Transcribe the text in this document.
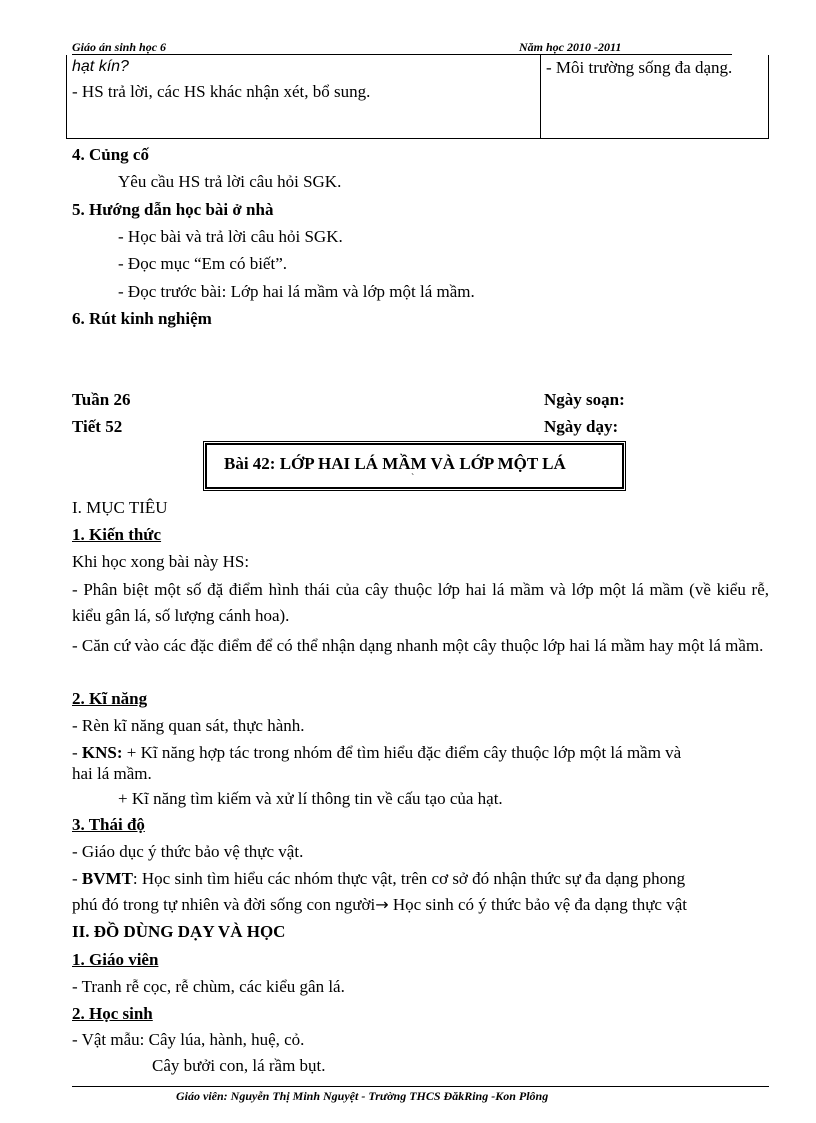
Giáo án sinh học 6	Năm học 2010 -2011
hạt kín?
- HS trả lời, các HS khác nhận xét, bổ sung.
- Môi trường sống đa dạng.
4. Củng cố
Yêu cầu HS trả lời câu hỏi SGK.
5. Hướng dẫn học bài ở nhà
- Học bài và trả lời câu hỏi SGK.
- Đọc mục “Em có biết”.
- Đọc trước bài: Lớp hai lá mầm và lớp một lá mầm.
6. Rút kinh nghiệm
Tuần 26	Ngày soạn:
Tiết 52	Ngày dạy:
Bài 42: LỚP HAI LÁ MẦM VÀ LỚP MỘT LÁ
`
I. MỤC TIÊU
1. Kiến thức
Khi học xong bài này HS:
- Phân biệt một số đặ điểm hình thái của cây thuộc lớp hai lá mầm và lớp một lá mầm (về kiểu rễ, kiểu gân lá, số lượng cánh hoa).
- Căn cứ vào các đặc điểm để có thể nhận dạng nhanh một cây thuộc lớp hai lá mầm hay một lá mầm.
2. Kĩ năng
- Rèn kĩ năng quan sát, thực hành.
- KNS: + Kĩ năng hợp tác trong nhóm để tìm hiểu đặc điểm cây thuộc lớp một lá mầm và
hai lá mầm.
+ Kĩ năng tìm kiếm và xử lí thông tin về cấu tạo của hạt.
3. Thái độ
- Giáo dục ý thức bảo vệ thực vật.
- BVMT: Học sinh tìm hiểu các nhóm thực vật, trên cơ sở đó nhận thức sự đa dạng phong
phú đó trong tự nhiên và đời sống con người→ Học sinh có ý thức bảo vệ đa dạng thực vật
II. ĐỒ DÙNG DẠY VÀ HỌC
1. Giáo viên
- Tranh rễ cọc, rễ chùm, các kiểu gân lá.
2. Học sinh
- Vật mẫu: Cây lúa, hành, huệ, cỏ.
Cây bưởi con, lá rầm bụt.
Giáo viên: Nguyễn Thị Minh Nguyệt - Trường THCS ĐăkRing -Kon Plông
